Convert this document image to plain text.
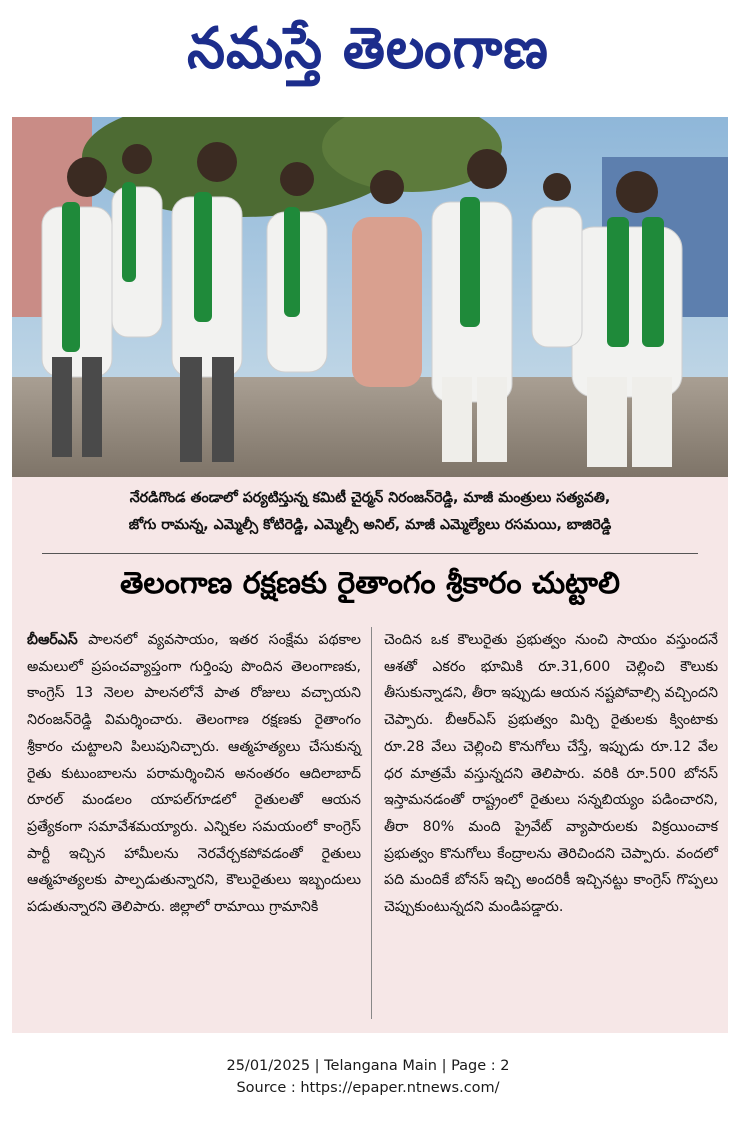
నమస్తే తెలంగాణ
నేరడిగొండ తండాలో పర్యటిస్తున్న కమిటీ చైర్మన్ నిరంజన్‌రెడ్డి, మాజీ మంత్రులు సత్యవతి,
జోగు రామన్న, ఎమ్మెల్సీ కోటిరెడ్డి, ఎమ్మెల్సీ అనిల్, మాజీ ఎమ్మెల్యేలు రసమయి, బాజిరెడ్డి
తెలంగాణ రక్షణకు రైతాంగం శ్రీకారం చుట్టాలి

బీఆర్ఎస్ పాలనలో వ్యవసాయం, ఇతర సంక్షేమ పథకాల అమలులో ప్రపంచవ్యాప్తంగా గుర్తింపు పొందిన తెలంగాణకు, కాంగ్రెస్ 13 నెలల పాలనలోనే పాత రోజులు వచ్చాయని నిరంజన్‌రెడ్డి విమర్శించారు. తెలంగాణ రక్షణకు రైతాంగం శ్రీకారం చుట్టాలని పిలుపునిచ్చారు. ఆత్మహత్యలు చేసుకున్న రైతు కుటుంబాలను పరామర్శించిన అనంతరం ఆదిలాబాద్ రూరల్ మండలం యాపల్‌గూడలో రైతులతో ఆయన ప్రత్యేకంగా సమావేశమయ్యారు. ఎన్నికల సమయంలో కాంగ్రెస్ పార్టీ ఇచ్చిన హామీలను నెరవేర్చకపోవడంతో రైతులు ఆత్మహత్యలకు పాల్పడుతున్నారని, కౌలురైతులు ఇబ్బందులు పడుతున్నారని తెలిపారు. జిల్లాలో రామాయి గ్రామానికి

చెందిన ఒక కౌలురైతు ప్రభుత్వం నుంచి సాయం వస్తుందనే ఆశతో ఎకరం భూమికి రూ.31,600 చెల్లించి కౌలుకు తీసుకున్నాడని, తీరా ఇప్పుడు ఆయన నష్టపోవాల్సి వచ్చిందని చెప్పారు. బీఆర్ఎస్ ప్రభుత్వం మిర్చి రైతులకు క్వింటాకు రూ.28 వేలు చెల్లించి కొనుగోలు చేస్తే, ఇప్పుడు రూ.12 వేల ధర మాత్రమే వస్తున్నదని తెలిపారు. వరికి రూ.500 బోనస్ ఇస్తామనడంతో రాష్ట్రంలో రైతులు సన్నబియ్యం పడించారని, తీరా 80% మంది ప్రైవేట్ వ్యాపారులకు విక్రయించాక ప్రభుత్వం కొనుగోలు కేంద్రాలను తెరిచిందని చెప్పారు. వందలో పది మందికే బోనస్ ఇచ్చి అందరికీ ఇచ్చినట్టు కాంగ్రెస్ గొప్పలు చెప్పుకుంటున్నదని మండిపడ్డారు.

25/01/2025 | Telangana Main | Page : 2
Source : https://epaper.ntnews.com/
